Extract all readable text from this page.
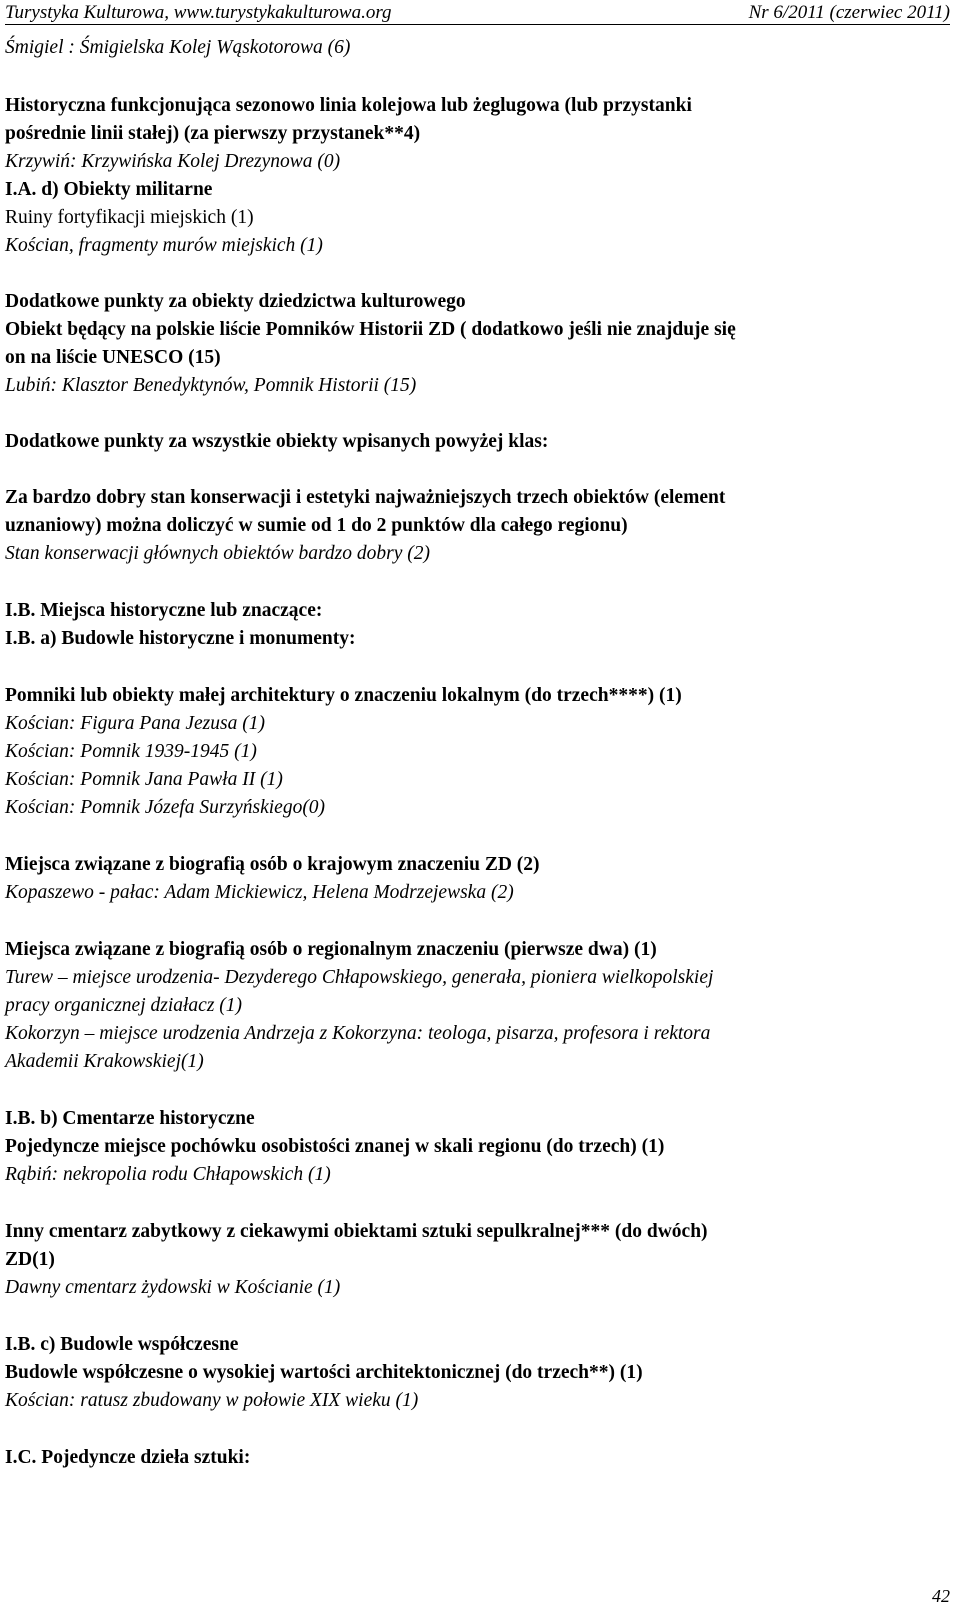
Turystyka Kulturowa, www.turystykakulturowa.org	Nr 6/2011 (czerwiec 2011)
Śmigiel : Śmigielska Kolej Wąskotorowa (6)
Historyczna funkcjonująca sezonowo linia kolejowa lub żeglugowa (lub przystanki
pośrednie linii stałej) (za pierwszy przystanek**4)
Krzywiń: Krzywińska Kolej Drezynowa (0)
I.A. d) Obiekty militarne
Ruiny fortyfikacji miejskich (1)
Kościan, fragmenty murów miejskich (1)
Dodatkowe punkty za obiekty dziedzictwa kulturowego
Obiekt będący na polskie liście Pomników Historii ZD ( dodatkowo jeśli nie znajduje się
on na liście UNESCO (15)
Lubiń: Klasztor Benedyktynów, Pomnik Historii (15)
Dodatkowe punkty za wszystkie obiekty wpisanych powyżej klas:
Za bardzo dobry stan konserwacji i estetyki najważniejszych trzech obiektów (element
uznaniowy) można doliczyć w sumie od 1 do 2 punktów dla całego regionu)
Stan konserwacji głównych obiektów bardzo dobry (2)
I.B. Miejsca historyczne lub znaczące:
I.B. a) Budowle historyczne i monumenty:
Pomniki lub obiekty małej architektury o znaczeniu lokalnym (do trzech****) (1)
Kościan: Figura Pana Jezusa (1)
Kościan: Pomnik 1939-1945 (1)
Kościan: Pomnik Jana Pawła II (1)
Kościan: Pomnik Józefa Surzyńskiego(0)
Miejsca związane z biografią osób o krajowym znaczeniu ZD (2)
Kopaszewo - pałac: Adam Mickiewicz, Helena Modrzejewska (2)
Miejsca związane z biografią osób o regionalnym znaczeniu (pierwsze dwa) (1)
Turew – miejsce urodzenia- Dezyderego Chłapowskiego, generała, pioniera wielkopolskiej
pracy organicznej działacz (1)
Kokorzyn – miejsce urodzenia Andrzeja z Kokorzyna: teologa, pisarza, profesora i rektora
Akademii Krakowskiej(1)
I.B. b) Cmentarze historyczne
Pojedyncze miejsce pochówku osobistości znanej w skali regionu (do trzech) (1)
Rąbiń: nekropolia rodu Chłapowskich (1)
Inny cmentarz zabytkowy z ciekawymi obiektami sztuki sepulkralnej*** (do dwóch)
ZD(1)
Dawny cmentarz żydowski w Kościanie (1)
I.B. c) Budowle współczesne
Budowle współczesne o wysokiej wartości architektonicznej (do trzech**) (1)
Kościan: ratusz zbudowany w połowie XIX wieku (1)
I.C. Pojedyncze dzieła sztuki:
42
